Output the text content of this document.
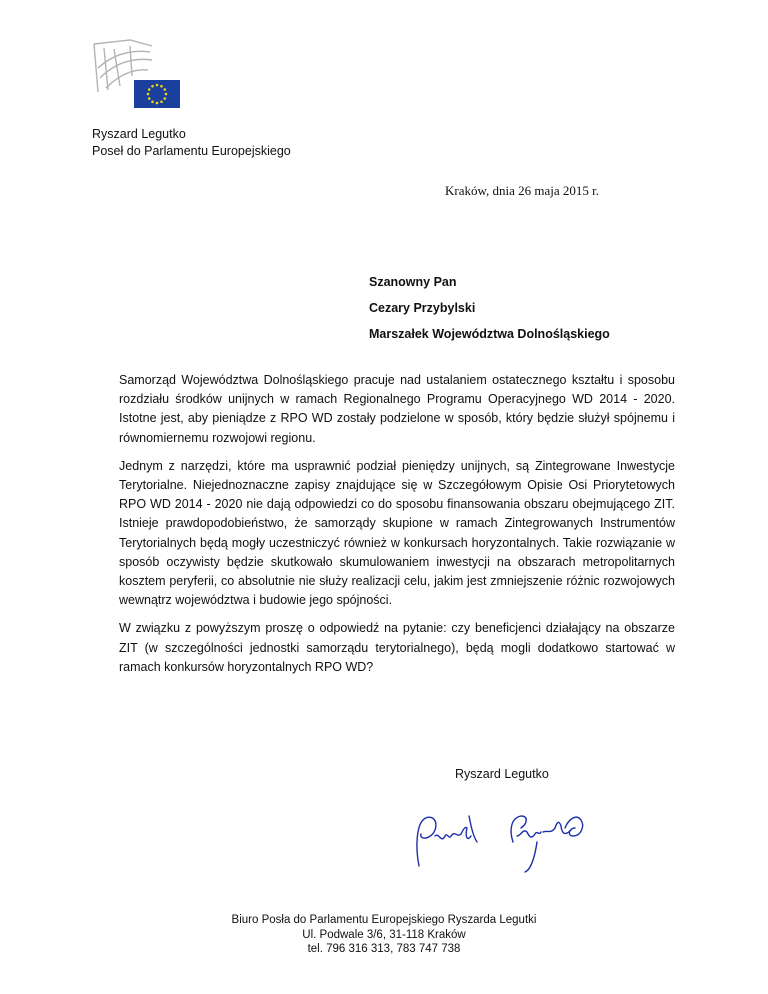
Ryszard Legutko
Poseł do Parlamentu Europejskiego
Kraków, dnia 26 maja 2015 r.
Szanowny Pan
Cezary Przybylski
Marszałek Województwa Dolnośląskiego

Samorząd Województwa Dolnośląskiego pracuje nad ustalaniem ostatecznego kształtu i sposobu rozdziału środków unijnych w ramach Regionalnego Programu Operacyjnego WD 2014 - 2020. Istotne jest, aby pieniądze z RPO WD zostały podzielone w sposób, który będzie służył spójnemu i równomiernemu rozwojowi regionu.

Jednym z narzędzi, które ma usprawnić podział pieniędzy unijnych, są Zintegrowane Inwestycje Terytorialne. Niejednoznaczne zapisy znajdujące się w Szczegółowym Opisie Osi Priorytetowych RPO WD 2014 - 2020 nie dają odpowiedzi co do sposobu finansowania obszaru obejmującego ZIT. Istnieje prawdopodobieństwo, że samorządy skupione w ramach Zintegrowanych Instrumentów Terytorialnych będą mogły uczestniczyć również w konkursach horyzontalnych. Takie rozwiązanie w sposób oczywisty będzie skutkowało skumulowaniem inwestycji na obszarach metropolitarnych kosztem peryferii, co absolutnie nie służy realizacji celu, jakim jest zmniejszenie różnic rozwojowych wewnątrz województwa i budowie jego spójności.

W związku z powyższym proszę o odpowiedź na pytanie: czy beneficjenci działający na obszarze ZIT (w szczególności jednostki samorządu terytorialnego), będą mogli dodatkowo startować w ramach konkursów horyzontalnych RPO WD?

Ryszard Legutko
Biuro Posła do Parlamentu Europejskiego Ryszarda Legutki
Ul. Podwale 3/6, 31-118 Kraków
tel. 796 316 313, 783 747 738
